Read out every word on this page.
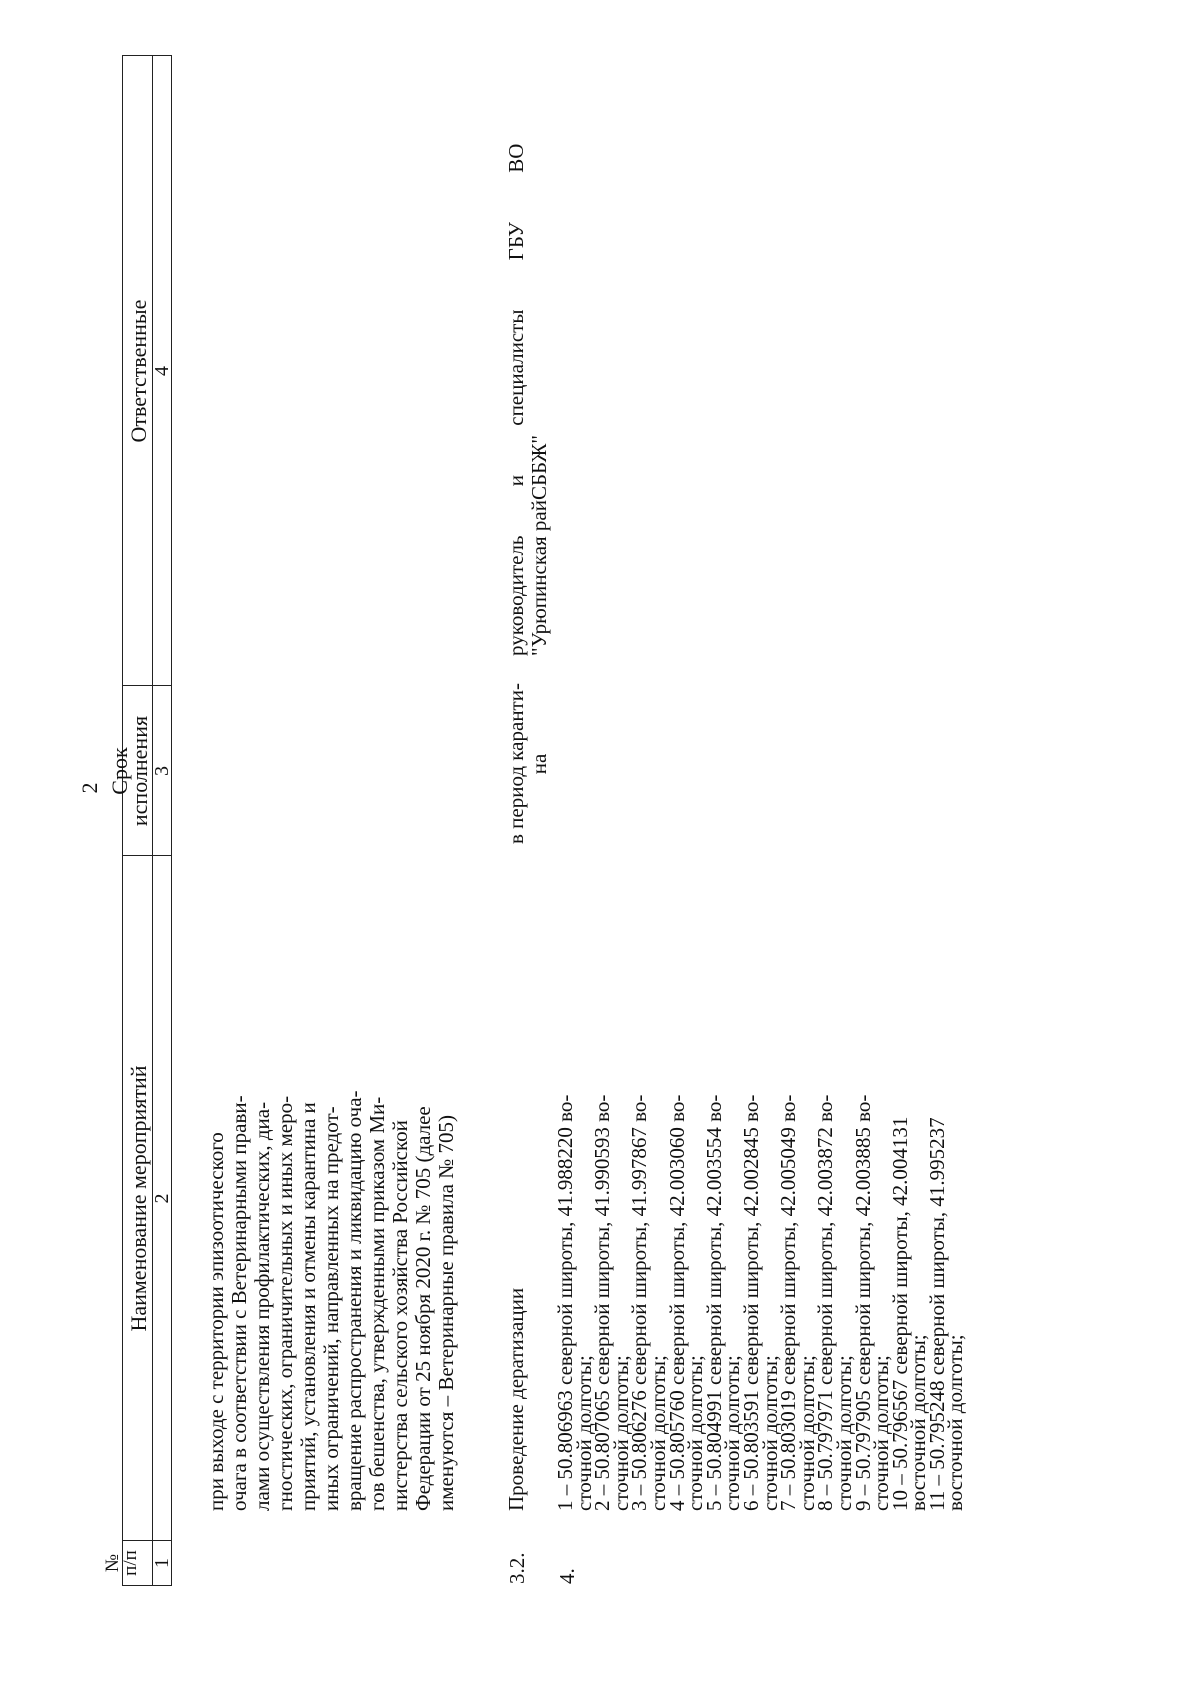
2
№
п/п
Наименование мероприятий
Срок
исполнения
Ответственные
1
2
3
4
при выходе с территории эпизоотического очага в соответствии с Ветеринарными прави- лами осуществления профилактических, диа- гностических, ограничительных и иных меро- приятий, установления и отмены карантина и иных ограничений, направленных на предот- вращение распространения и ликвидацию оча- гов бешенства, утвержденными приказом Ми- нистерства сельского хозяйства Российской Федерации от 25 ноября 2020 г. № 705 (далее именуются – Ветеринарные правила № 705)
3.2.
Проведение дератизации
в период каранти- на
руководитель и специалисты ГБУ ВО "Урюпинская райСББЖ"
4.
1 – 50.806963 северной широты, 41.988220 во-
сточной долготы;
2 – 50.807065 северной широты, 41.990593 во-
сточной долготы;
3 – 50.806276 северной широты, 41.997867 во-
сточной долготы;
4 – 50.805760 северной широты, 42.003060 во-
сточной долготы;
5 – 50.804991 северной широты, 42.003554 во-
сточной долготы;
6 – 50.803591 северной широты, 42.002845 во-
сточной долготы;
7 – 50.803019 северной широты, 42.005049 во-
сточной долготы;
8 – 50.797971 северной широты, 42.003872 во-
сточной долготы;
9 – 50.797905 северной широты, 42.003885 во-
сточной долготы;
10 – 50.796567 северной широты, 42.004131
восточной долготы;
11 – 50.795248 северной широты, 41.995237
восточной долготы;
